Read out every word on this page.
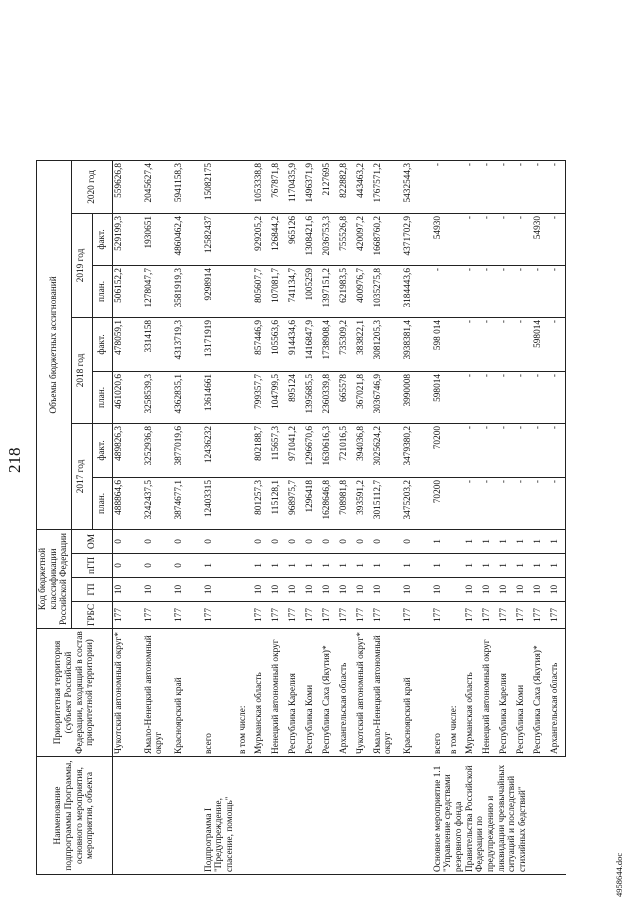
218
Наименование подпрограммы Программы, основного мероприятия, мероприятия, объекта	Приоритетная территория (субъект Российской Федерации, входящий в состав приоритетной территории)	Код бюджетной классификации Российской Федерации				Объемы бюджетных ассигнований						
		ГРБС	ГП	пГП	ОМ	2017 год		2018 год		2019 год		2020 год
						план.	факт.	план.	факт.	план.	факт.	
	Чукотский автономный округ*	177	10	0	0	488864,6	489826,3	461020,6	478059,1	506152,2	529199,3	559626,8
	Ямало-Ненецкий автономный округ	177	10	0	0	3242437,5	3252936,8	3258539,3	3314158	1278047,7	1930651	2045627,4
	Красноярский край	177	10	0	0	3874677,1	3877019,6	4362835,1	4313719,3	3581919,3	4860462,4	5941158,3
Подпрограмма I "Предупреждение, спасение, помощь"	всего	177	10	1	0	12403315	12436232	13614661	13171919	9298914	12582437	15082175
	в том числе:											
	Мурманская область	177	10	1	0	801257,3	802188,7	799357,7	857446,9	805607,7	929205,2	1053338,8
	Ненецкий автономный округ	177	10	1	0	115128,1	115657,3	104799,5	105563,6	107081,7	126844,2	767871,8
	Республика Карелия	177	10	1	0	968975,7	971041,2	895124	914434,6	741134,7	965126	1170435,9
	Республика Коми	177	10	1	0	1296418	1296670,6	1395685,5	1416847,9	1005259	1308421,6	1496371,9
	Республика Саха (Якутия)*	177	10	1	0	1628646,8	1630616,3	2360339,8	1738908,4	1397151,2	2036753,3	2127695
	Архангельская область	177	10	1	0	708981,8	721016,5	665578	735309,2	621983,5	755526,8	822882,8
	Чукотский автономный округ*	177	10	1	0	393591,2	394036,8	367021,8	383822,1	400976,7	420097,2	443463,2
	Ямало-Ненецкий автономный округ	177	10	1	0	3015112,7	3025624,2	3036746,9	3081205,3	1035275,8	1668760,2	1767571,2
	Красноярский край	177	10	1	0	3475203,2	3479380,2	3990008	3938381,4	3184443,6	4371702,9	5432544,3
Основное мероприятие 1.1 "Управление средствами резервного фонда Правительства Российской Федерации по предупреждению и ликвидации чрезвычайных ситуаций и последствий стихийных бедствий"	всего	177	10	1	1	70200	70200	598014	598 014	-	54930	-
	в том числе:											
	Мурманская область	177	10	1	1	-	-	-	-	-	-	-
	Ненецкий автономный округ	177	10	1	1	-	-	-	-	-	-	-
	Республика Карелия	177	10	1	1	-	-	-	-	-	-	-
	Республика Коми	177	10	1	1	-	-	-	-	-	-	-
	Республика Саха (Якутия)*	177	10	1	1	-	-	-	598014	-	54930	-
	Архангельская область	177	10	1	1	-	-	-	-	-	-	-
4958644.doc
